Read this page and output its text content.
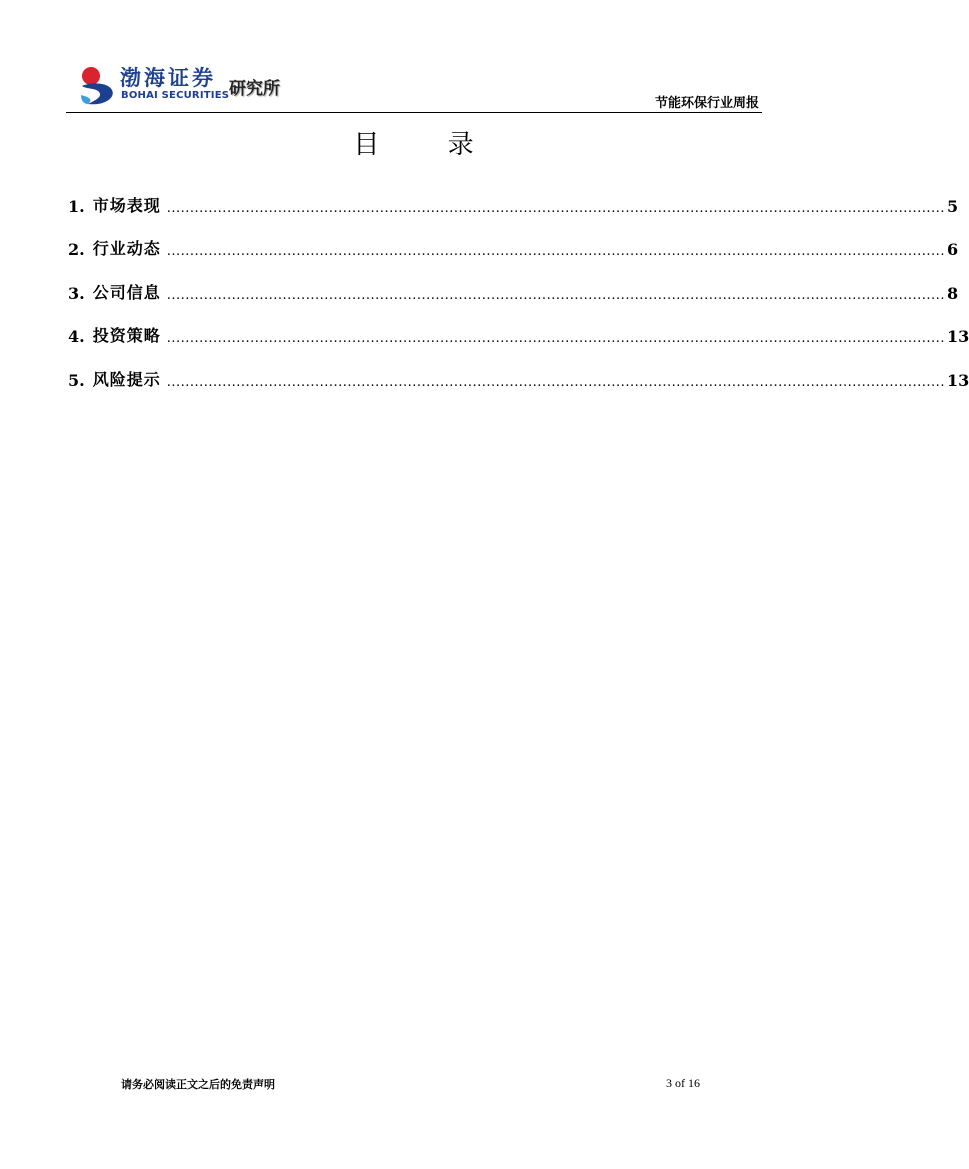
渤海证券
BOHAI SECURITIES 研究所
节能环保行业周报
目 录
1. 市场表现 ........................................................................................................................................................................ 5
2. 行业动态 ........................................................................................................................................................................ 6
3. 公司信息 ........................................................................................................................................................................ 8
4. 投资策略 ........................................................................................................................................................................ 13
5. 风险提示 ........................................................................................................................................................................ 13
请务必阅读正文之后的免责声明	3 of 16
